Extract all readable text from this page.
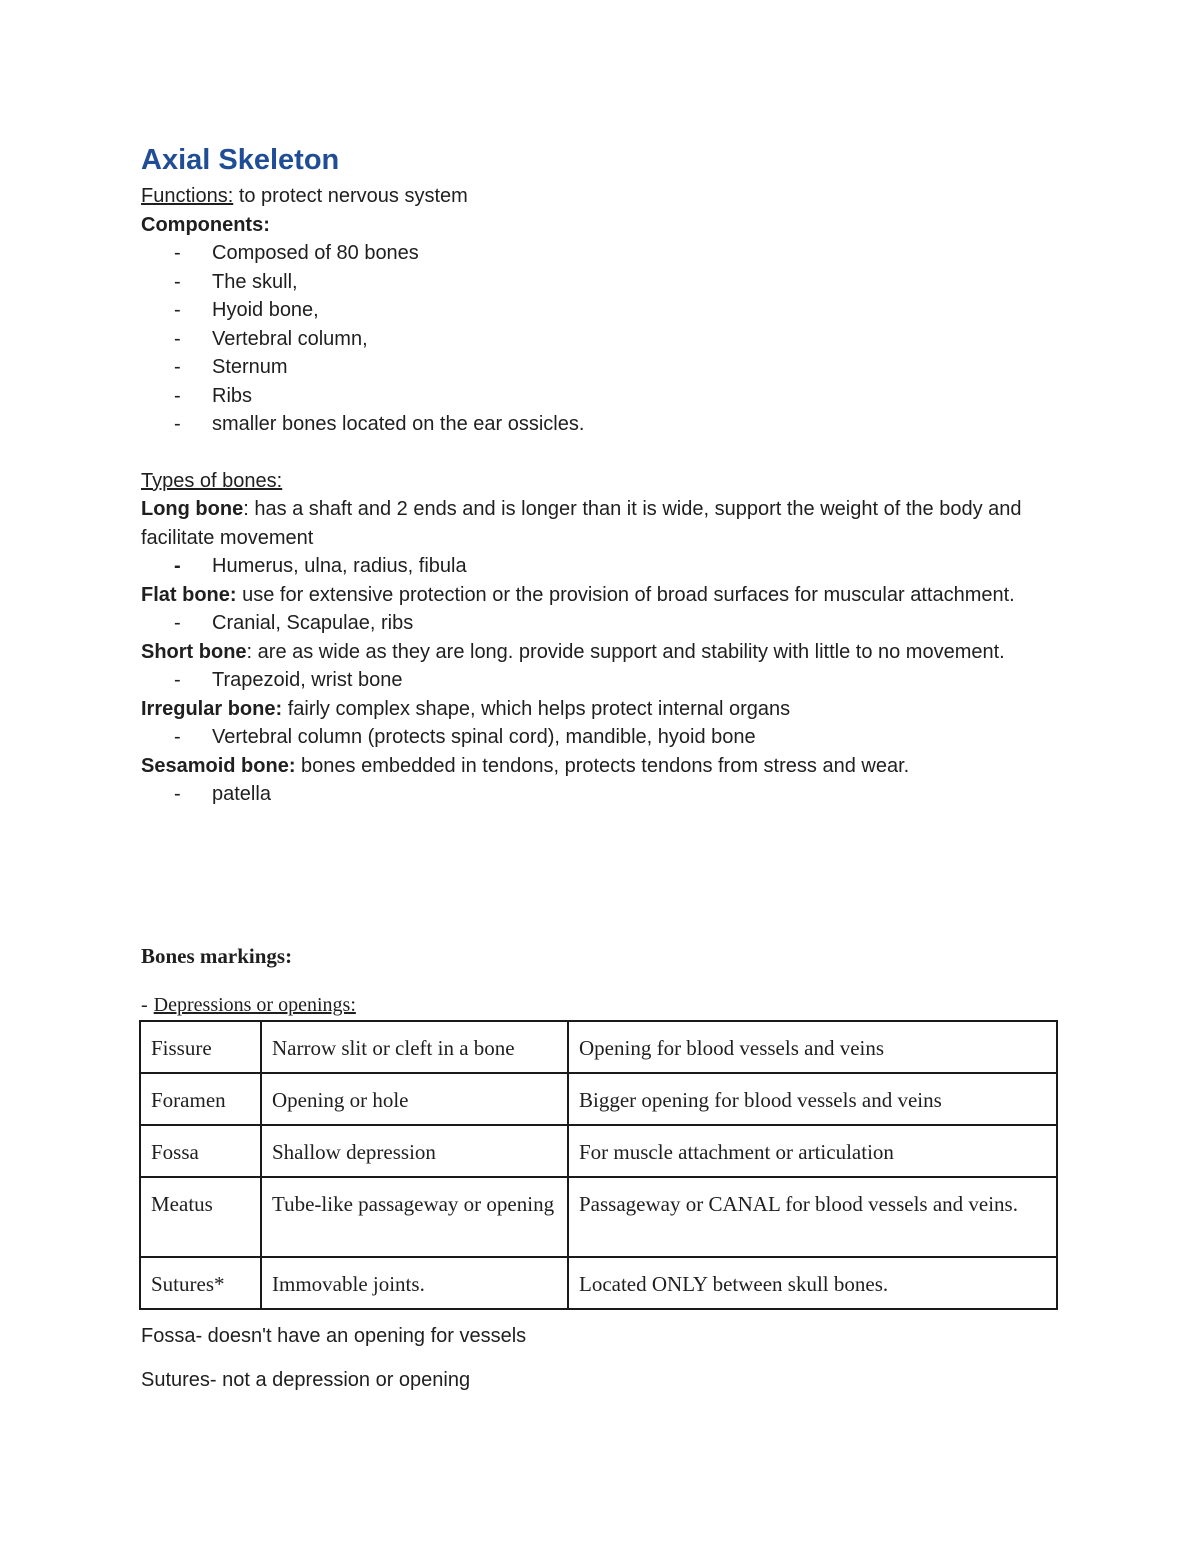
Axial Skeleton
Functions: to protect nervous system
Components:
- Composed of 80 bones
- The skull,
- Hyoid bone,
- Vertebral column,
- Sternum
- Ribs
- smaller bones located on the ear ossicles.
Types of bones:
Long bone: has a shaft and 2 ends and is longer than it is wide, support the weight of the body and facilitate movement
- Humerus, ulna, radius, fibula
Flat bone: use for extensive protection or the provision of broad surfaces for muscular attachment.
- Cranial, Scapulae, ribs
Short bone: are as wide as they are long. provide support and stability with little to no movement.
- Trapezoid, wrist bone
Irregular bone: fairly complex shape, which helps protect internal organs
- Vertebral column (protects spinal cord), mandible, hyoid bone
Sesamoid bone: bones embedded in tendons, protects tendons from stress and wear.
- patella
Bones markings:
- Depressions or openings:
Fissure	Narrow slit or cleft in a bone	Opening for blood vessels and veins
Foramen	Opening or hole	Bigger opening for blood vessels and veins
Fossa	Shallow depression	For muscle attachment or articulation
Meatus	Tube-like passageway or opening	Passageway or CANAL for blood vessels and veins.
Sutures*	Immovable joints.	Located ONLY between skull bones.
Fossa- doesn't have an opening for vessels
Sutures- not a depression or opening
